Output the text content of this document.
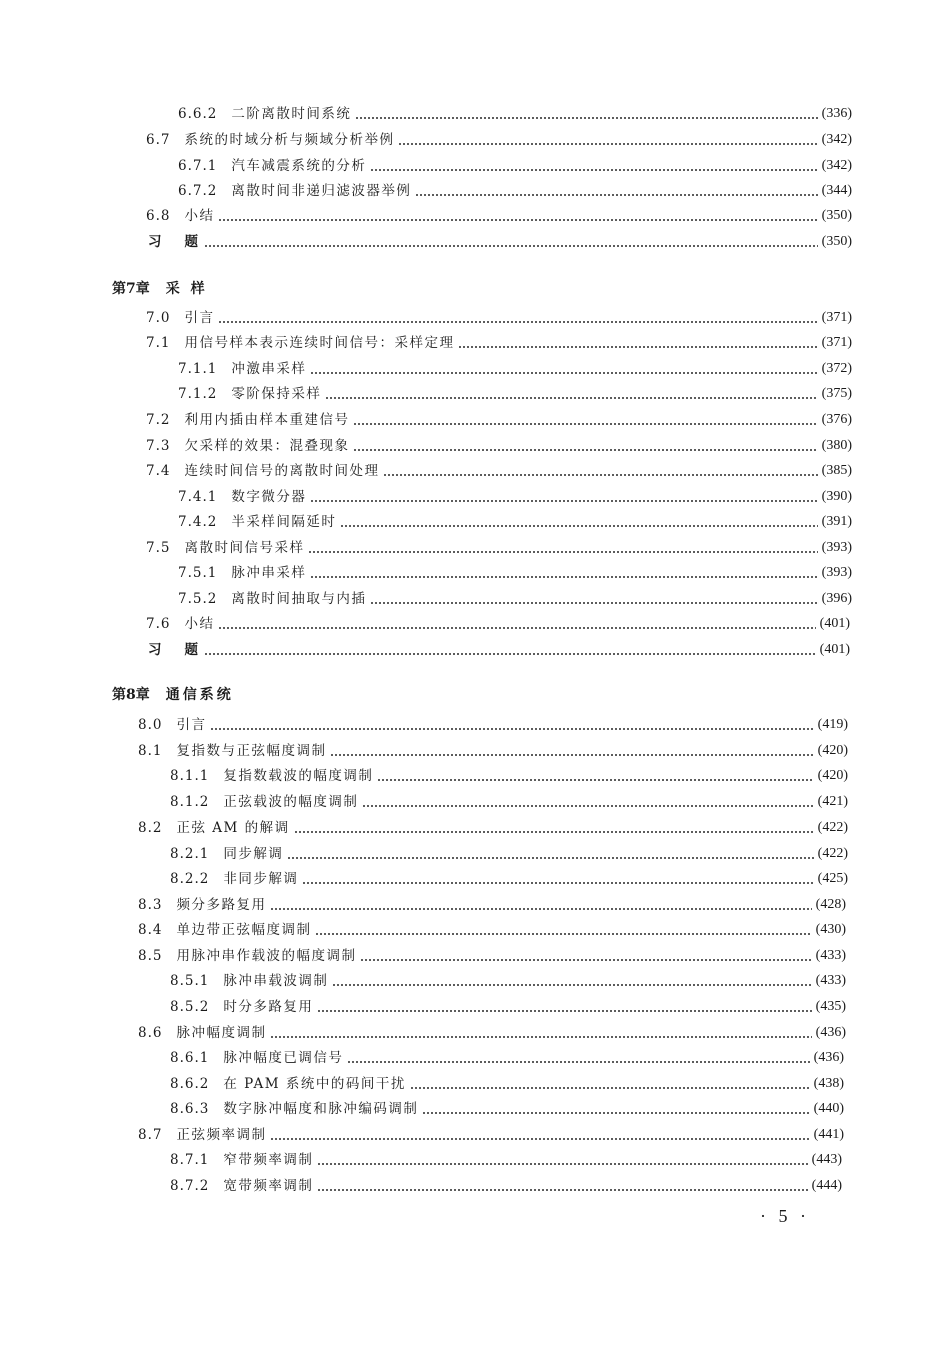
6.6.2 二阶离散时间系统	(336)
6.7 系统的时域分析与频域分析举例	(342)
6.7.1 汽车减震系统的分析	(342)
6.7.2 离散时间非递归滤波器举例	(344)
6.8 小结	(350)
习 题	(350)
第7章 采 样
7.0 引言	(371)
7.1 用信号样本表示连续时间信号：采样定理	(371)
7.1.1 冲激串采样	(372)
7.1.2 零阶保持采样	(375)
7.2 利用内插由样本重建信号	(376)
7.3 欠采样的效果：混叠现象	(380)
7.4 连续时间信号的离散时间处理	(385)
7.4.1 数字微分器	(390)
7.4.2 半采样间隔延时	(391)
7.5 离散时间信号采样	(393)
7.5.1 脉冲串采样	(393)
7.5.2 离散时间抽取与内插	(396)
7.6 小结	(401)
习 题	(401)
第8章 通信系统
8.0 引言	(419)
8.1 复指数与正弦幅度调制	(420)
8.1.1 复指数载波的幅度调制	(420)
8.1.2 正弦载波的幅度调制	(421)
8.2 正弦 AM 的解调	(422)
8.2.1 同步解调	(422)
8.2.2 非同步解调	(425)
8.3 频分多路复用	(428)
8.4 单边带正弦幅度调制	(430)
8.5 用脉冲串作载波的幅度调制	(433)
8.5.1 脉冲串载波调制	(433)
8.5.2 时分多路复用	(435)
8.6 脉冲幅度调制	(436)
8.6.1 脉冲幅度已调信号	(436)
8.6.2 在 PAM 系统中的码间干扰	(438)
8.6.3 数字脉冲幅度和脉冲编码调制	(440)
8.7 正弦频率调制	(441)
8.7.1 窄带频率调制	(443)
8.7.2 宽带频率调制	(444)
· 5 ·
